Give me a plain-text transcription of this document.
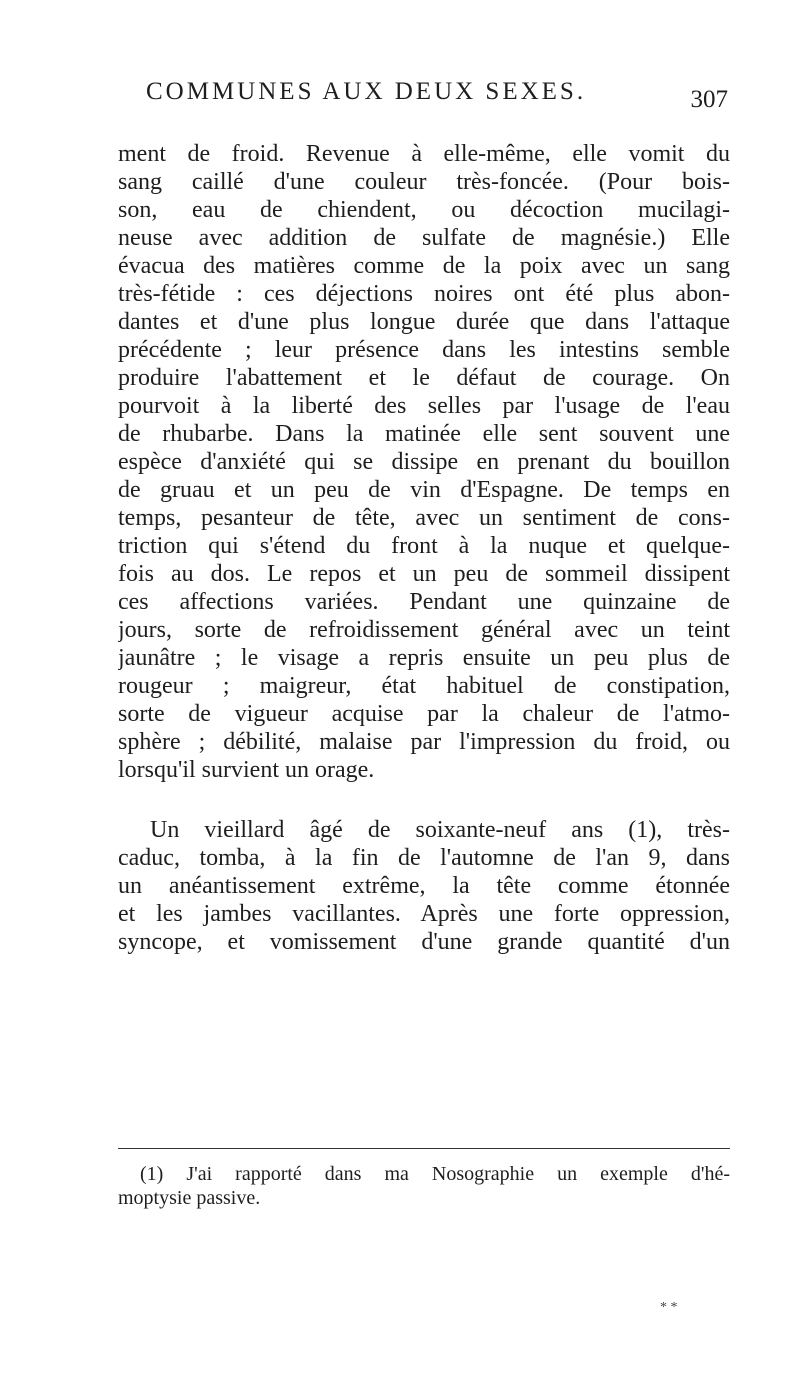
COMMUNES AUX DEUX SEXES.	307
ment de froid. Revenue à elle-même, elle vomit du
sang caillé d'une couleur très-foncée. (Pour bois-
son, eau de chiendent, ou décoction mucilagi-
neuse avec addition de sulfate de magnésie.) Elle
évacua des matières comme de la poix avec un sang
très-fétide : ces déjections noires ont été plus abon-
dantes et d'une plus longue durée que dans l'attaque
précédente ; leur présence dans les intestins semble
produire l'abattement et le défaut de courage. On
pourvoit à la liberté des selles par l'usage de l'eau
de rhubarbe. Dans la matinée elle sent souvent une
espèce d'anxiété qui se dissipe en prenant du bouillon
de gruau et un peu de vin d'Espagne. De temps en
temps, pesanteur de tête, avec un sentiment de cons-
triction qui s'étend du front à la nuque et quelque-
fois au dos. Le repos et un peu de sommeil dissipent
ces affections variées. Pendant une quinzaine de
jours, sorte de refroidissement général avec un teint
jaunâtre ; le visage a repris ensuite un peu plus de
rougeur ; maigreur, état habituel de constipation,
sorte de vigueur acquise par la chaleur de l'atmo-
sphère ; débilité, malaise par l'impression du froid, ou
lorsqu'il survient un orage.
Un vieillard âgé de soixante-neuf ans (1), très-
caduc, tomba, à la fin de l'automne de l'an 9, dans
un anéantissement extrême, la tête comme étonnée
et les jambes vacillantes. Après une forte oppression,
syncope, et vomissement d'une grande quantité d'un
(1) J'ai rapporté dans ma Nosographie un exemple d'hé-
moptysie passive.
* *
